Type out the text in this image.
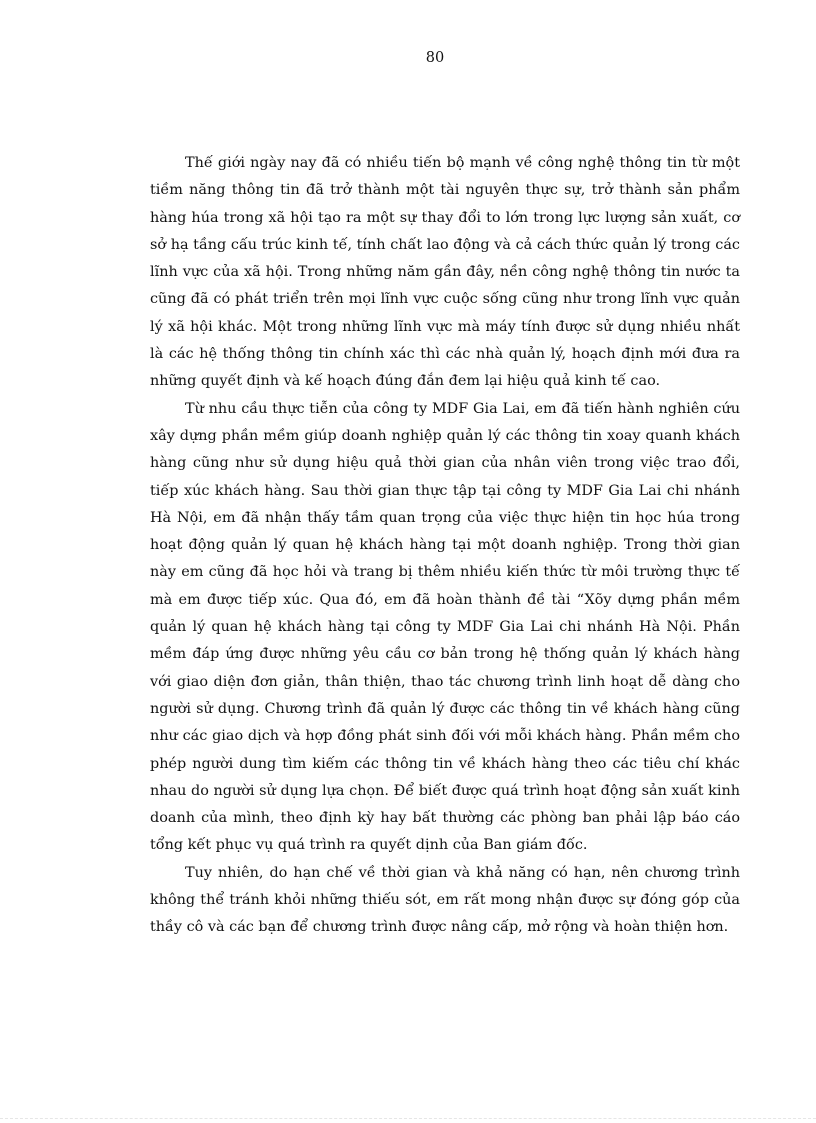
80

Thế giới ngày nay đã có nhiều tiến bộ mạnh về công nghệ thông tin từ một tiềm năng thông tin đã trở thành một tài nguyên thực sự, trở thành sản phẩm hàng húa trong xã hội tạo ra một sự thay đổi to lớn trong lực lượng sản xuất, cơ sở hạ tầng cấu trúc kinh tế, tính chất lao động và cả cách thức quản lý trong các lĩnh vực của xã hội. Trong những năm gần đây, nền công nghệ thông tin nước ta cũng đã có phát triển trên mọi lĩnh vực cuộc sống cũng như trong lĩnh vực quản lý xã hội khác. Một trong những lĩnh vực mà máy tính được sử dụng nhiều nhất là các hệ thống thông tin chính xác thì các nhà quản lý, hoạch định mới đưa ra những quyết định và kế hoạch đúng đắn đem lại hiệu quả kinh tế cao.

Từ nhu cầu thực tiễn của công ty MDF Gia Lai, em đã tiến hành nghiên cứu xây dựng phần mềm giúp doanh nghiệp quản lý các thông tin xoay quanh khách hàng cũng như sử dụng hiệu quả thời gian của nhân viên trong việc trao đổi, tiếp xúc khách hàng. Sau thời gian thực tập tại công ty MDF Gia Lai chi nhánh Hà Nội, em đã nhận thấy tầm quan trọng của việc thực hiện tin học húa trong hoạt động quản lý quan hệ khách hàng tại một doanh nghiệp. Trong thời gian này em cũng đã học hỏi và trang bị thêm nhiều kiến thức từ môi trường thực tế mà em được tiếp xúc. Qua đó, em đã hoàn thành đề tài “Xõy dựng phần mềm quản lý quan hệ khách hàng tại công ty MDF Gia Lai chi nhánh Hà Nội. Phần mềm đáp ứng được những yêu cầu cơ bản trong hệ thống quản lý khách hàng với giao diện đơn giản, thân thiện, thao tác chương trình linh hoạt dễ dàng cho người sử dụng. Chương trình đã quản lý được các thông tin về khách hàng cũng như các giao dịch và hợp đồng phát sinh đối với mỗi khách hàng. Phần mềm cho phép người dung tìm kiếm các thông tin về khách hàng theo các tiêu chí khác nhau do người sử dụng lựa chọn. Để biết được quá trình hoạt động sản xuất kinh doanh của mình, theo định kỳ hay bất thường các phòng ban phải lập báo cáo tổng kết phục vụ quá trình ra quyết dịnh của Ban giám đốc.

Tuy nhiên, do hạn chế về thời gian và khả năng có hạn, nên chương trình không thể tránh khỏi những thiếu sót, em rất mong nhận được sự đóng góp của thầy cô và các bạn để chương trình được nâng cấp, mở rộng và hoàn thiện hơn.
